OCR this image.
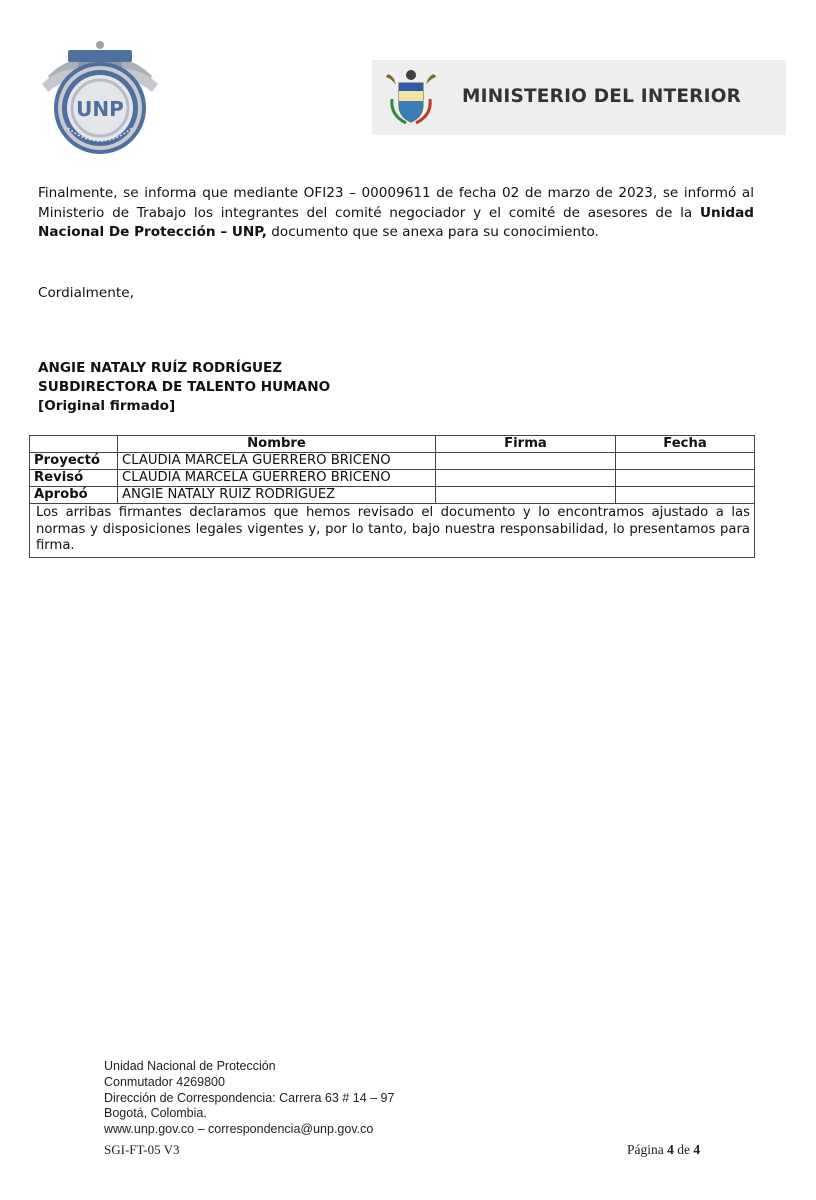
UNP
MINISTERIO DEL INTERIOR
Finalmente, se informa que mediante OFI23 – 00009611 de fecha 02 de marzo de 2023, se informó al Ministerio de Trabajo los integrantes del comité negociador y el comité de asesores de la Unidad Nacional De Protección – UNP, documento que se anexa para su conocimiento.
Cordialmente,
ANGIE NATALY RUÍZ RODRÍGUEZ
SUBDIRECTORA DE TALENTO HUMANO
[Original firmado]
	Nombre	Firma	Fecha
Proyectó	CLAUDIA MARCELA GUERRERO BRICEÑO		
Revisó	CLAUDIA MARCELA GUERRERO BRICEÑO		
Aprobó	ANGIE NATALY RUÍZ RODRÍGUEZ		
Los arribas firmantes declaramos que hemos revisado el documento y lo encontramos ajustado a las normas y disposiciones legales vigentes y, por lo tanto, bajo nuestra responsabilidad, lo presentamos para firma.			
Unidad Nacional de Protección
Conmutador 4269800
Dirección de Correspondencia: Carrera 63 # 14 – 97
Bogotá, Colombia.
www.unp.gov.co – correspondencia@unp.gov.co
SGI-FT-05 V3	Página 4 de 4
